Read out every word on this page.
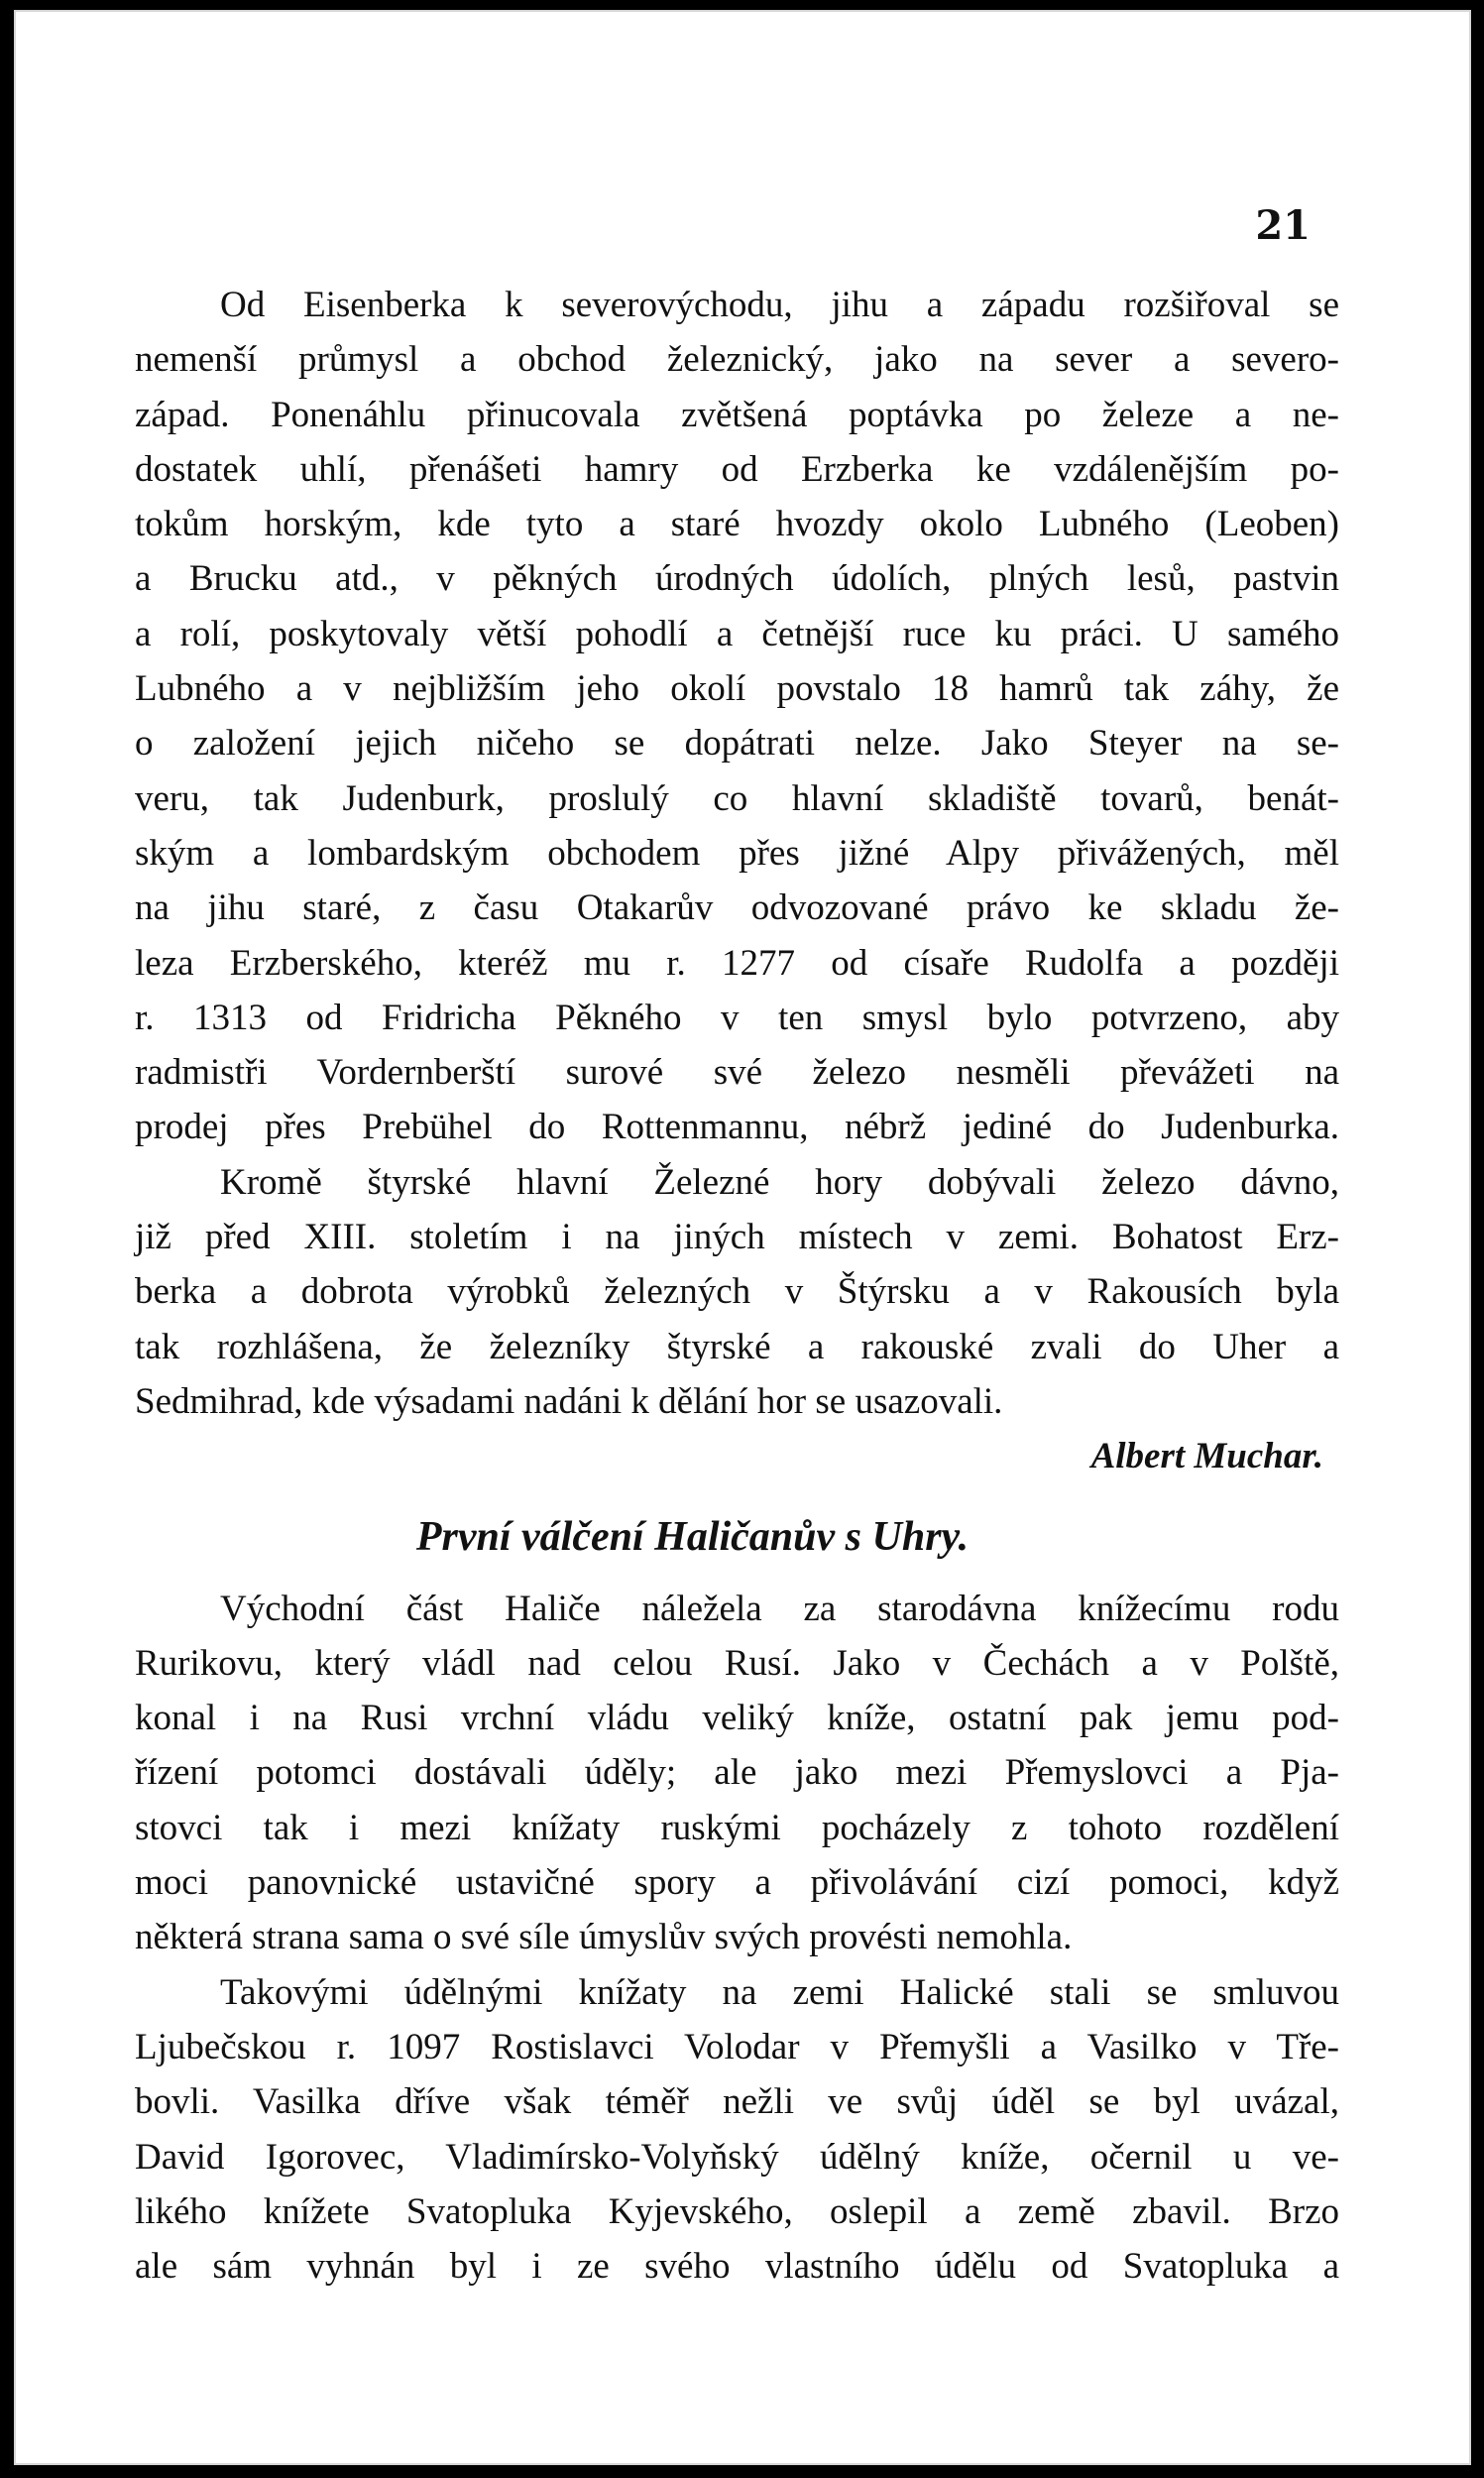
21
Od Eisenberka k severovýchodu, jihu a západu rozšiřoval se
nemenší průmysl a obchod železnický, jako na sever a severo-
západ. Ponenáhlu přinucovala zvětšená poptávka po železe a ne-
dostatek uhlí, přenášeti hamry od Erzberka ke vzdálenějším po-
tokům horským, kde tyto a staré hvozdy okolo Lubného (Leoben)
a Brucku atd., v pěkných úrodných údolích, plných lesů, pastvin
a rolí, poskytovaly větší pohodlí a četnější ruce ku práci. U samého
Lubného a v nejbližším jeho okolí povstalo 18 hamrů tak záhy, že
o založení jejich ničeho se dopátrati nelze. Jako Steyer na se-
veru, tak Judenburk, proslulý co hlavní skladiště tovarů, benát-
ským a lombardským obchodem přes jižné Alpy přivážených, měl
na jihu staré, z času Otakarův odvozované právo ke skladu že-
leza Erzberského, kteréž mu r. 1277 od císaře Rudolfa a později
r. 1313 od Fridricha Pěkného v ten smysl bylo potvrzeno, aby
radmistři Vordernberští surové své železo nesměli převážeti na
prodej přes Prebühel do Rottenmannu, nébrž jediné do Judenburka.
Kromě štyrské hlavní Železné hory dobývali železo dávno,
již před XIII. stoletím i na jiných místech v zemi. Bohatost Erz-
berka a dobrota výrobků železných v Štýrsku a v Rakousích byla
tak rozhlášena, že železníky štyrské a rakouské zvali do Uher a
Sedmihrad, kde výsadami nadáni k dělání hor se usazovali.
Albert Muchar.
První válčení Haličanův s Uhry.
Východní část Haliče náležela za starodávna knížecímu rodu
Rurikovu, který vládl nad celou Rusí. Jako v Čechách a v Polště,
konal i na Rusi vrchní vládu veliký kníže, ostatní pak jemu pod-
řízení potomci dostávali úděly; ale jako mezi Přemyslovci a Pja-
stovci tak i mezi knížaty ruskými pocházely z tohoto rozdělení
moci panovnické ustavičné spory a přivolávání cizí pomoci, když
některá strana sama o své síle úmyslův svých provésti nemohla.
Takovými údělnými knížaty na zemi Halické stali se smluvou
Ljubečskou r. 1097 Rostislavci Volodar v Přemyšli a Vasilko v Tře-
bovli. Vasilka dříve však téměř nežli ve svůj úděl se byl uvázal,
David Igorovec, Vladimírsko-Volyňský údělný kníže, očernil u ve-
likého knížete Svatopluka Kyjevského, oslepil a země zbavil. Brzo
ale sám vyhnán byl i ze svého vlastního údělu od Svatopluka a
